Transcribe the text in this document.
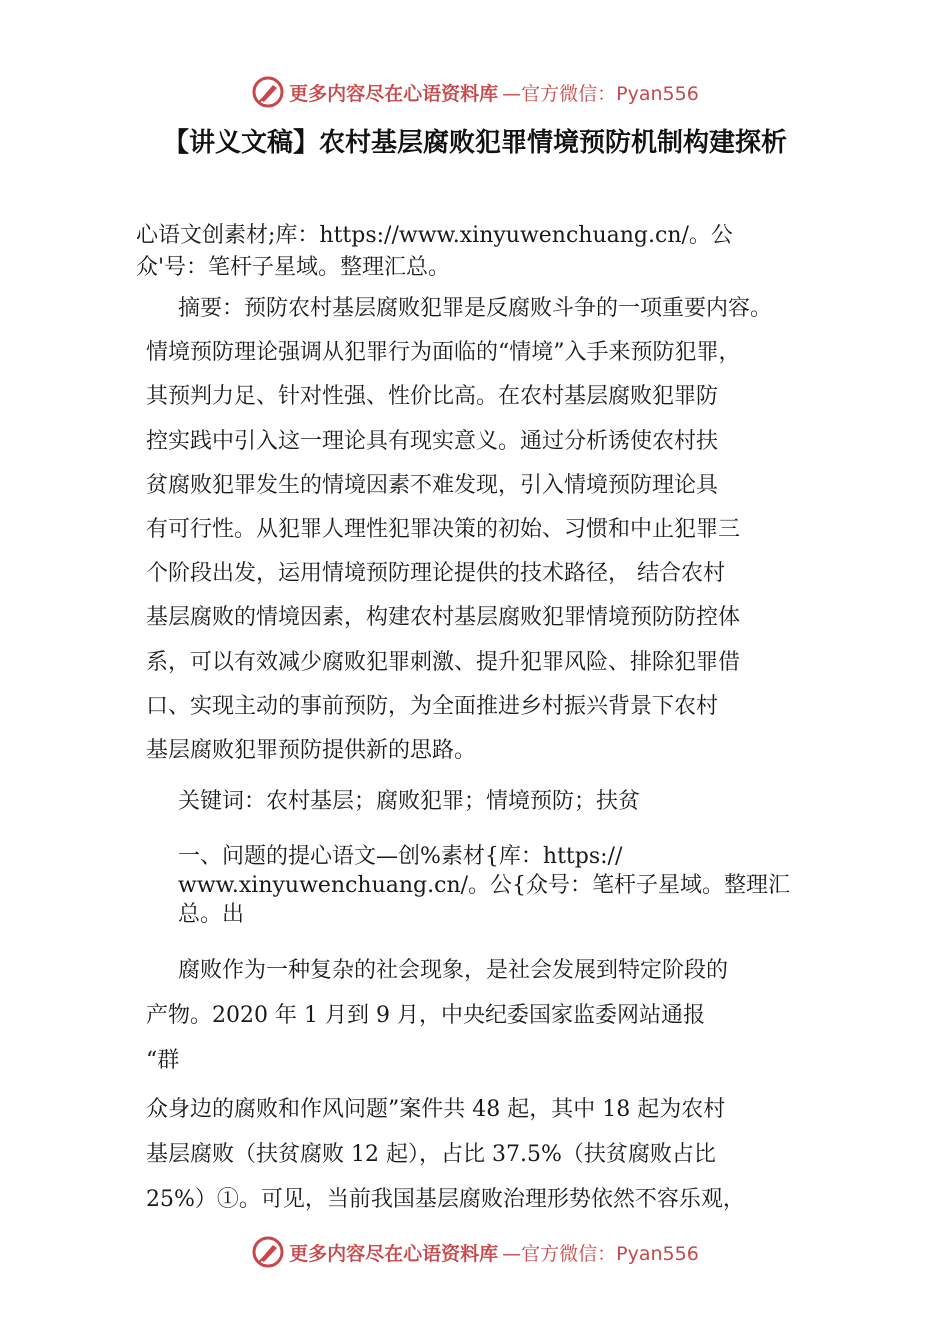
更多内容尽在心语资料库 —官方微信：Pyan556
【讲义文稿】农村基层腐败犯罪情境预防机制构建探析
心语文创素材;库：https://www.xinyuwenchuang.cn/。公
众'号：笔杆子星域。整理汇总。
摘要：预防农村基层腐败犯罪是反腐败斗争的一项重要内容。
情境预防理论强调从犯罪行为面临的“情境”入手来预防犯罪，
其预判力足、针对性强、性价比高。在农村基层腐败犯罪防
控实践中引入这一理论具有现实意义。通过分析诱使农村扶
贫腐败犯罪发生的情境因素不难发现，引入情境预防理论具
有可行性。从犯罪人理性犯罪决策的初始、习惯和中止犯罪三
个阶段出发，运用情境预防理论提供的技术路径， 结合农村
基层腐败的情境因素，构建农村基层腐败犯罪情境预防防控体
系，可以有效减少腐败犯罪刺激、提升犯罪风险、排除犯罪借
口、实现主动的事前预防，为全面推进乡村振兴背景下农村
基层腐败犯罪预防提供新的思路。
关键词：农村基层；腐败犯罪；情境预防；扶贫
一、问题的提心语文—创%素材{库：https://
www.xinyuwenchuang.cn/。公{众号：笔杆子星域。整理汇
总。出
腐败作为一种复杂的社会现象，是社会发展到特定阶段的
产物。2020 年 1 月到 9 月，中央纪委国家监委网站通报
“群
众身边的腐败和作风问题”案件共 48 起，其中 18 起为农村
基层腐败（扶贫腐败 12 起），占比 37.5%（扶贫腐败占比
25%）①。可见，当前我国基层腐败治理形势依然不容乐观，
更多内容尽在心语资料库 —官方微信：Pyan556
